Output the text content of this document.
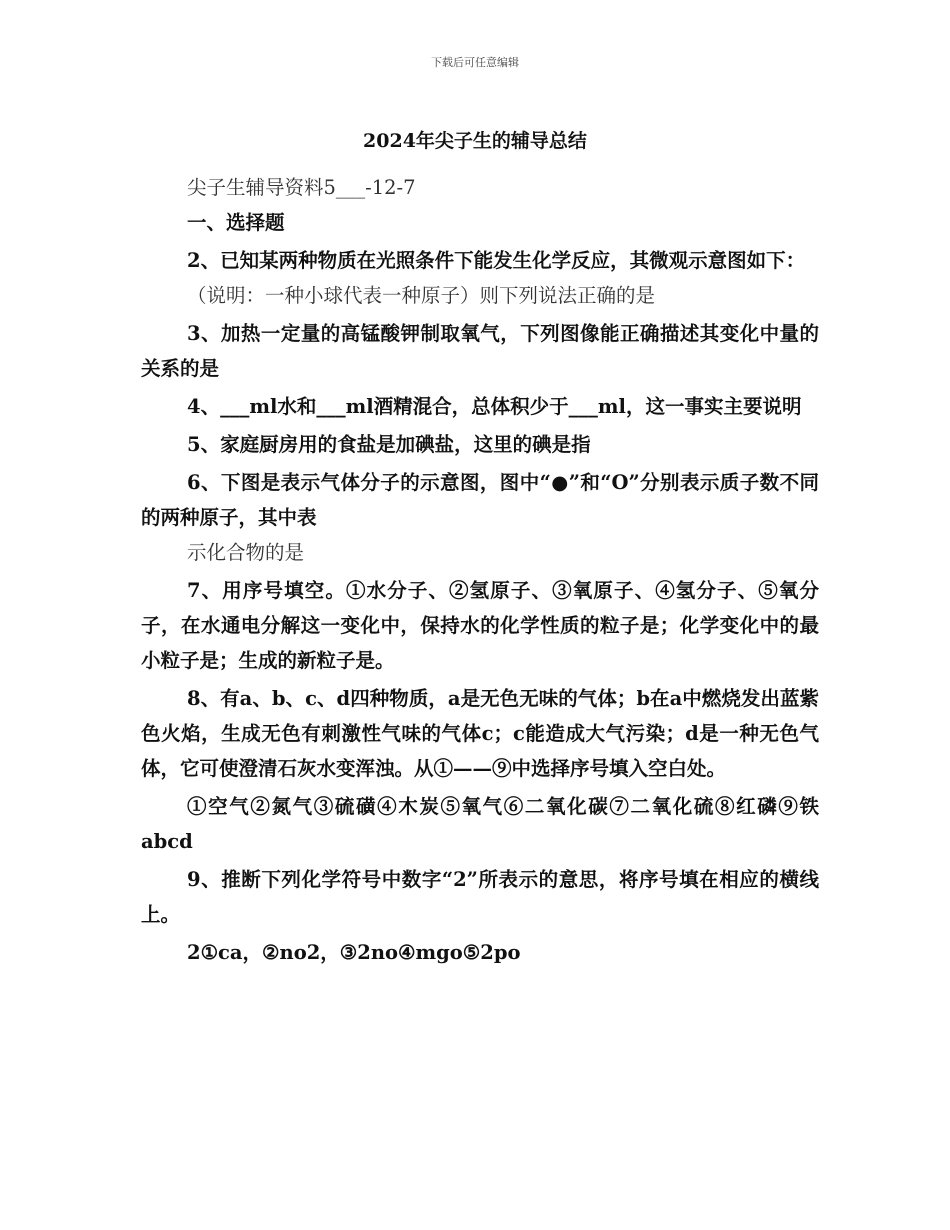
下载后可任意编辑
2024年尖子生的辅导总结

尖子生辅导资料5___-12-7

一、选择题

2、已知某两种物质在光照条件下能发生化学反应，其微观示意图如下：

（说明：一种小球代表一种原子）则下列说法正确的是

3、加热一定量的高锰酸钾制取氧气，下列图像能正确描述其变化中量的关系的是

4、___ml水和___ml酒精混合，总体积少于___ml，这一事实主要说明

5、家庭厨房用的食盐是加碘盐，这里的碘是指

6、下图是表示气体分子的示意图，图中“●”和“O”分别表示质子数不同的两种原子，其中表

示化合物的是

7、用序号填空。①水分子、②氢原子、③氧原子、④氢分子、⑤氧分子，在水通电分解这一变化中，保持水的化学性质的粒子是；化学变化中的最小粒子是；生成的新粒子是。

8、有a、b、c、d四种物质，a是无色无味的气体；b在a中燃烧发出蓝紫色火焰，生成无色有刺激性气味的气体c；c能造成大气污染；d是一种无色气体，它可使澄清石灰水变浑浊。从①——⑨中选择序号填入空白处。

①空气②氮气③硫磺④木炭⑤氧气⑥二氧化碳⑦二氧化硫⑧红磷⑨铁abcd

9、推断下列化学符号中数字“2”所表示的意思，将序号填在相应的横线上。

2①ca，②no2，③2no④mgo⑤2po
